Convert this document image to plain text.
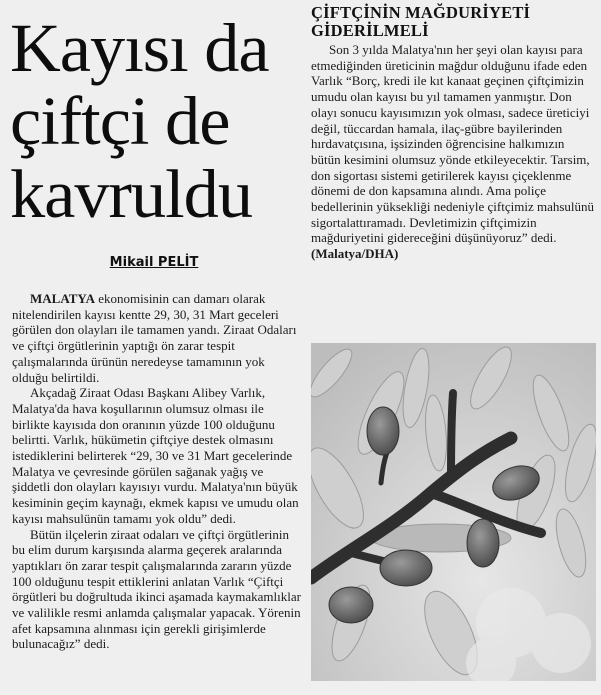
Kayısı da
çiftçi de
kavruldu
Mikail PELİT

MALATYA ekonomisinin can damarı olarak nitelendirilen kayısı kentte 29, 30, 31 Mart geceleri görülen don olayları ile tamamen yandı. Ziraat Odaları ve çiftçi örgütlerinin yaptığı ön zarar tespit çalışmalarında ürünün neredeyse tamamının yok olduğu belirtildi.

Akçadağ Ziraat Odası Başkanı Alibey Varlık, Malatya'da hava koşullarının olumsuz olması ile birlikte kayısıda don oranının yüzde 100 olduğunu belirtti. Varlık, hükümetin çiftçiye destek olmasını istediklerini belirterek “29, 30 ve 31 Mart gecelerinde Malatya ve çevresinde görülen sağanak yağış ve şiddetli don olayları kayısıyı vurdu. Malatya'nın büyük kesiminin geçim kaynağı, ekmek kapısı ve umudu olan kayısı mahsulünün tamamı yok oldu” dedi.

Bütün ilçelerin ziraat odaları ve çiftçi örgütlerinin bu elim durum karşısında alarma geçerek aralarında yaptıkları ön zarar tespit çalışmalarında zararın yüzde 100 olduğunu tespit ettiklerini anlatan Varlık “Çiftçi örgütleri bu doğrultuda ikinci aşamada kaymakamlıklar ve valilikle resmi anlamda çalışmalar yapacak. Yörenin afet kapsamına alınması için gerekli girişimlerde bulunacağız” dedi.

ÇİFTÇİNİN MAĞDURİYETİ
GİDERİLMELİ

Son 3 yılda Malatya'nın her şeyi olan kayısı para etmediğinden üreticinin mağdur olduğunu ifade eden Varlık “Borç, kredi ile kıt kanaat geçinen çiftçimizin umudu olan kayısı bu yıl tamamen yanmıştır. Don olayı sonucu kayısımızın yok olması, sadece üreticiyi değil, tüccardan hamala, ilaç-gübre bayilerinden hırdavatçısına, işsizinden öğrencisine halkımızın bütün kesimini olumsuz yönde etkileyecektir. Tarsim, don sigortası sistemi getirilerek kayısı çiçeklenme dönemi de don kapsamına alındı. Ama poliçe bedellerinin yüksekliği nedeniyle çiftçimiz mahsulünü sigortalattıramadı. Devletimizin çiftçimizin mağduriyetini gidereceğini düşünüyoruz” dedi. (Malatya/DHA)
